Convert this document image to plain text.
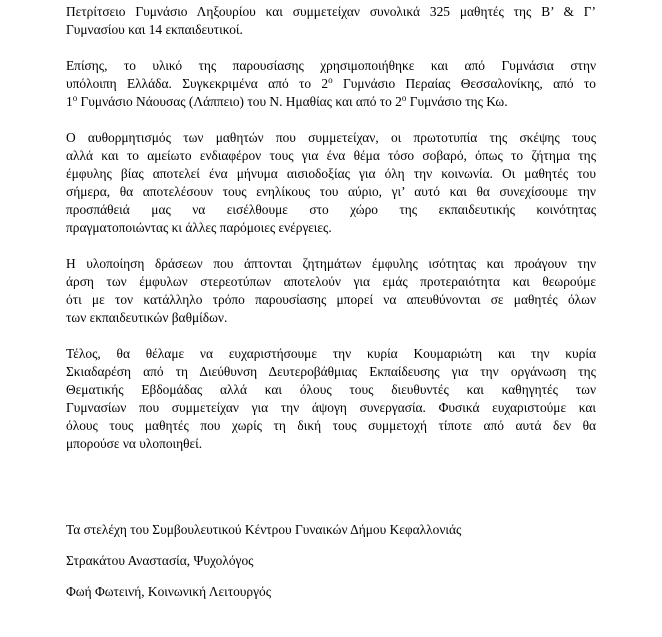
Πετρίτσειο Γυμνάσιο Ληξουρίου και συμμετείχαν συνολικά 325 μαθητές της Β’ & Γ’
Γυμνασίου και 14 εκπαιδευτικοί.

Επίσης, το υλικό της παρουσίασης χρησιμοποιήθηκε και από Γυμνάσια στην
υπόλοιπη Ελλάδα. Συγκεκριμένα από το $2^o$ Γυμνάσιο Περαίας Θεσσαλονίκης, από το
$1^o$ Γυμνάσιο Νάουσας (Λάππειο) του Ν. Ημαθίας και από το $2^o$ Γυμνάσιο της Κω.

Ο αυθορμητισμός των μαθητών που συμμετείχαν, οι πρωτοτυπία της σκέψης τους
αλλά και το αμείωτο ενδιαφέρον τους για ένα θέμα τόσο σοβαρό, όπως το ζήτημα της
έμφυλης βίας αποτελεί ένα μήνυμα αισιοδοξίας για όλη την κοινωνία. Οι μαθητές του
σήμερα, θα αποτελέσουν τους ενηλίκους του αύριο, γι’ αυτό και θα συνεχίσουμε την
προσπάθειά μας να εισέλθουμε στο χώρο της εκπαιδευτικής κοινότητας
πραγματοποιώντας κι άλλες παρόμοιες ενέργειες.

Η υλοποίηση δράσεων που άπτονται ζητημάτων έμφυλης ισότητας και προάγουν την
άρση των έμφυλων στερεοτύπων αποτελούν για εμάς προτεραιότητα και θεωρούμε
ότι με τον κατάλληλο τρόπο παρουσίασης μπορεί να απευθύνονται σε μαθητές όλων
των εκπαιδευτικών βαθμίδων.

Τέλος, θα θέλαμε να ευχαριστήσουμε την κυρία Κουμαριώτη και την κυρία
Σκιαδαρέση από τη Διεύθυνση Δευτεροβάθμιας Εκπαίδευσης για την οργάνωση της
Θεματικής Εβδομάδας αλλά και όλους τους διευθυντές και καθηγητές των
Γυμνασίων που συμμετείχαν για την άψογη συνεργασία. Φυσικά ευχαριστούμε και
όλους τους μαθητές που χωρίς τη δική τους συμμετοχή τίποτε από αυτά δεν θα
μπορούσε να υλοποιηθεί.

Τα στελέχη του Συμβουλευτικού Κέντρου Γυναικών Δήμου Κεφαλλονιάς
Στρακάτου Αναστασία, Ψυχολόγος
Φωή Φωτεινή, Κοινωνική Λειτουργός
